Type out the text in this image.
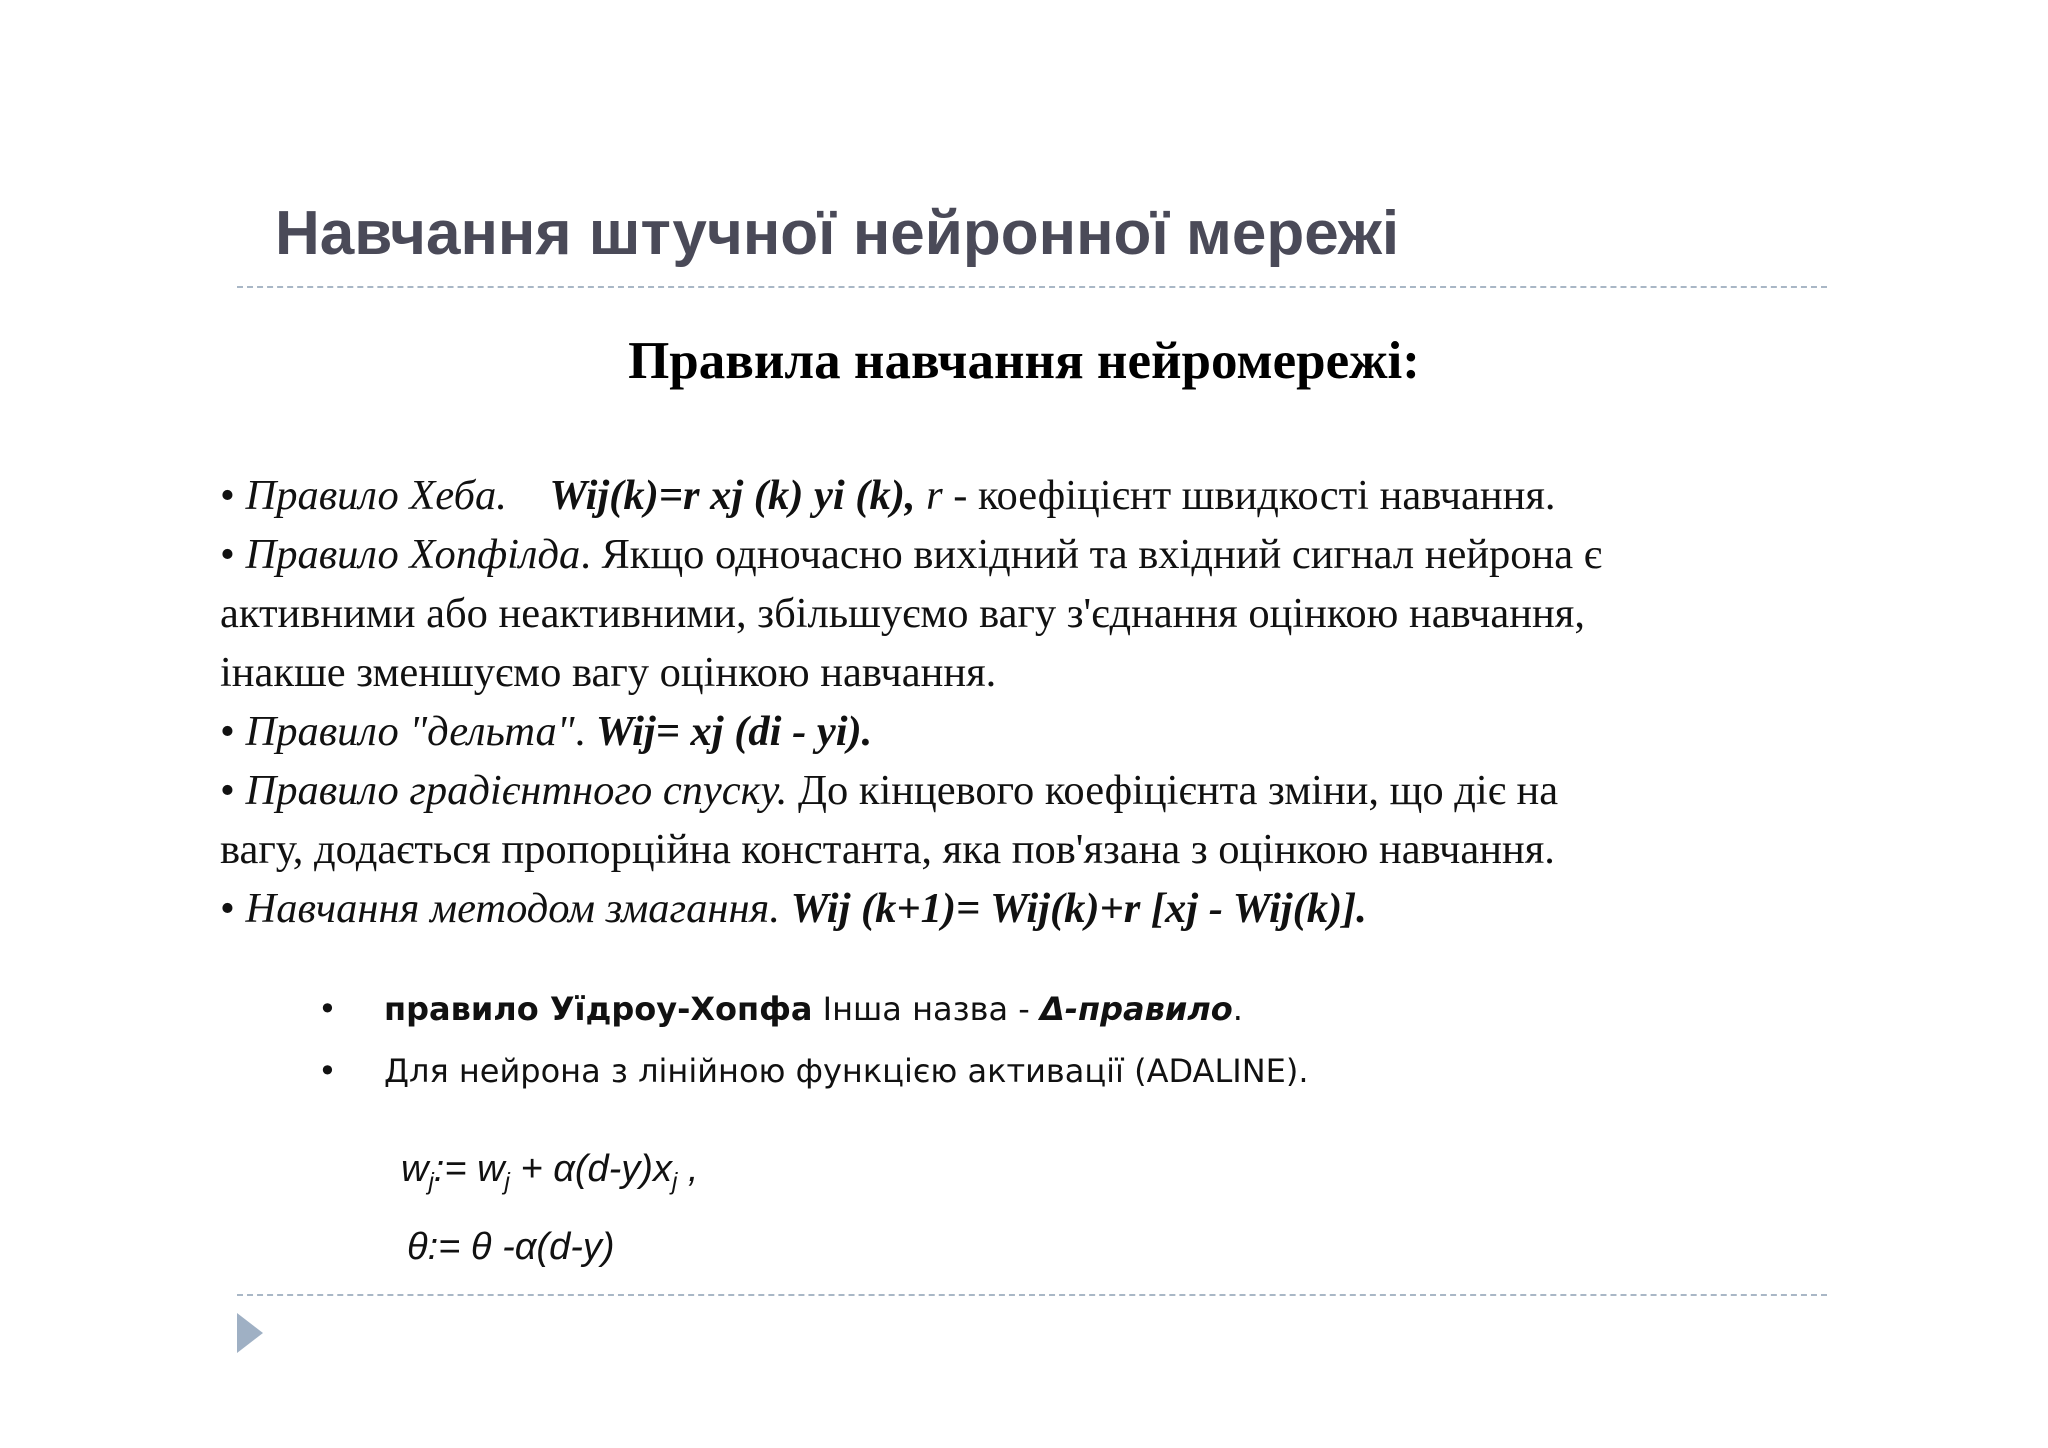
Навчання штучної нейронної мережі
Правила навчання нейромережі:

• Правило Хеба. Wij(k)=r xj (k) yi (k), r - коефіцієнт швидкості навчання.

• Правило Хопфілда. Якщо одночасно вихідний та вхідний сигнал нейрона є

активними або неактивними, збільшуємо вагу з'єднання оцінкою навчання,

інакше зменшуємо вагу оцінкою навчання.

• Правило "дельта". Wij= xj (di - yi).

• Правило градієнтного спуску. До кінцевого коефіцієнта зміни, що діє на

вагу, додається пропорційна константа, яка пов'язана з оцінкою навчання.

• Навчання методом змагання. Wij (k+1)= Wij(k)+r [xj - Wij(k)].

• правило Уїдроу-Хопфа Інша назва - Δ-правило.
• Для нейрона з лінійною функцією активації (ADALINE).
$w_j:= w_j + \alpha(d-y)x_j$ ,
θ:= θ -α(d-y)
